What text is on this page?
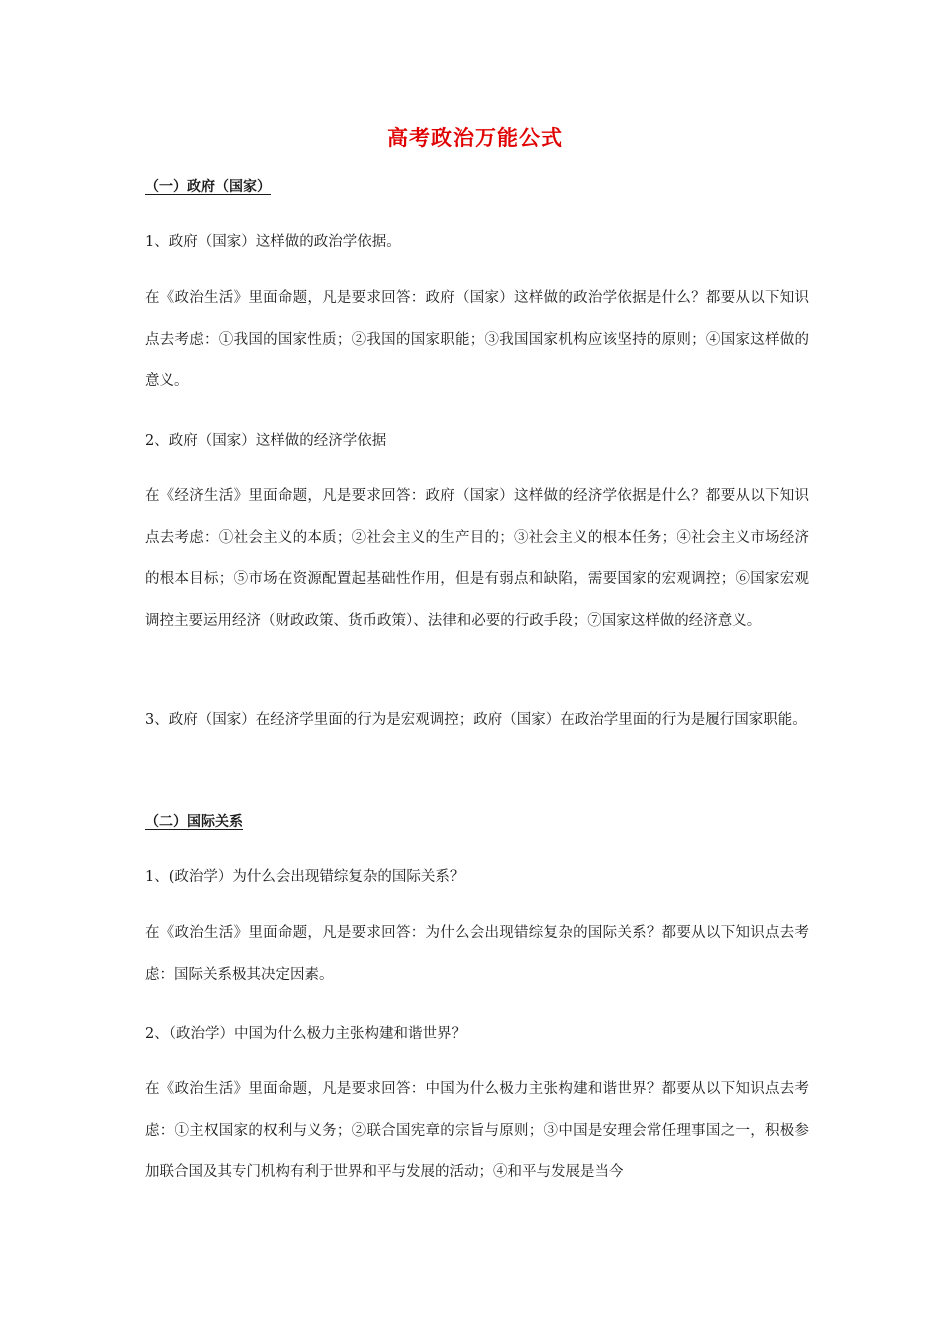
高考政治万能公式
（一）政府（国家）
1、政府（国家）这样做的政治学依据。
在《政治生活》里面命题，凡是要求回答：政府（国家）这样做的政治学依据是什么？都要从以下知识点去考虑：①我国的国家性质；②我国的国家职能；③我国国家机构应该坚持的原则；④国家这样做的意义。
2、政府（国家）这样做的经济学依据
在《经济生活》里面命题，凡是要求回答：政府（国家）这样做的经济学依据是什么？都要从以下知识点去考虑：①社会主义的本质；②社会主义的生产目的；③社会主义的根本任务；④社会主义市场经济的根本目标；⑤市场在资源配置起基础性作用，但是有弱点和缺陷，需要国家的宏观调控；⑥国家宏观调控主要运用经济（财政政策、货币政策）、法律和必要的行政手段；⑦国家这样做的经济意义。
3、政府（国家）在经济学里面的行为是宏观调控；政府（国家）在政治学里面的行为是履行国家职能。
（二）国际关系
1、(政治学）为什么会出现错综复杂的国际关系？
在《政治生活》里面命题，凡是要求回答：为什么会出现错综复杂的国际关系？都要从以下知识点去考虑：国际关系极其决定因素。
2、（政治学）中国为什么极力主张构建和谐世界？
在《政治生活》里面命题，凡是要求回答：中国为什么极力主张构建和谐世界？都要从以下知识点去考虑：①主权国家的权利与义务；②联合国宪章的宗旨与原则；③中国是安理会常任理事国之一，积极参加联合国及其专门机构有利于世界和平与发展的活动；④和平与发展是当今
